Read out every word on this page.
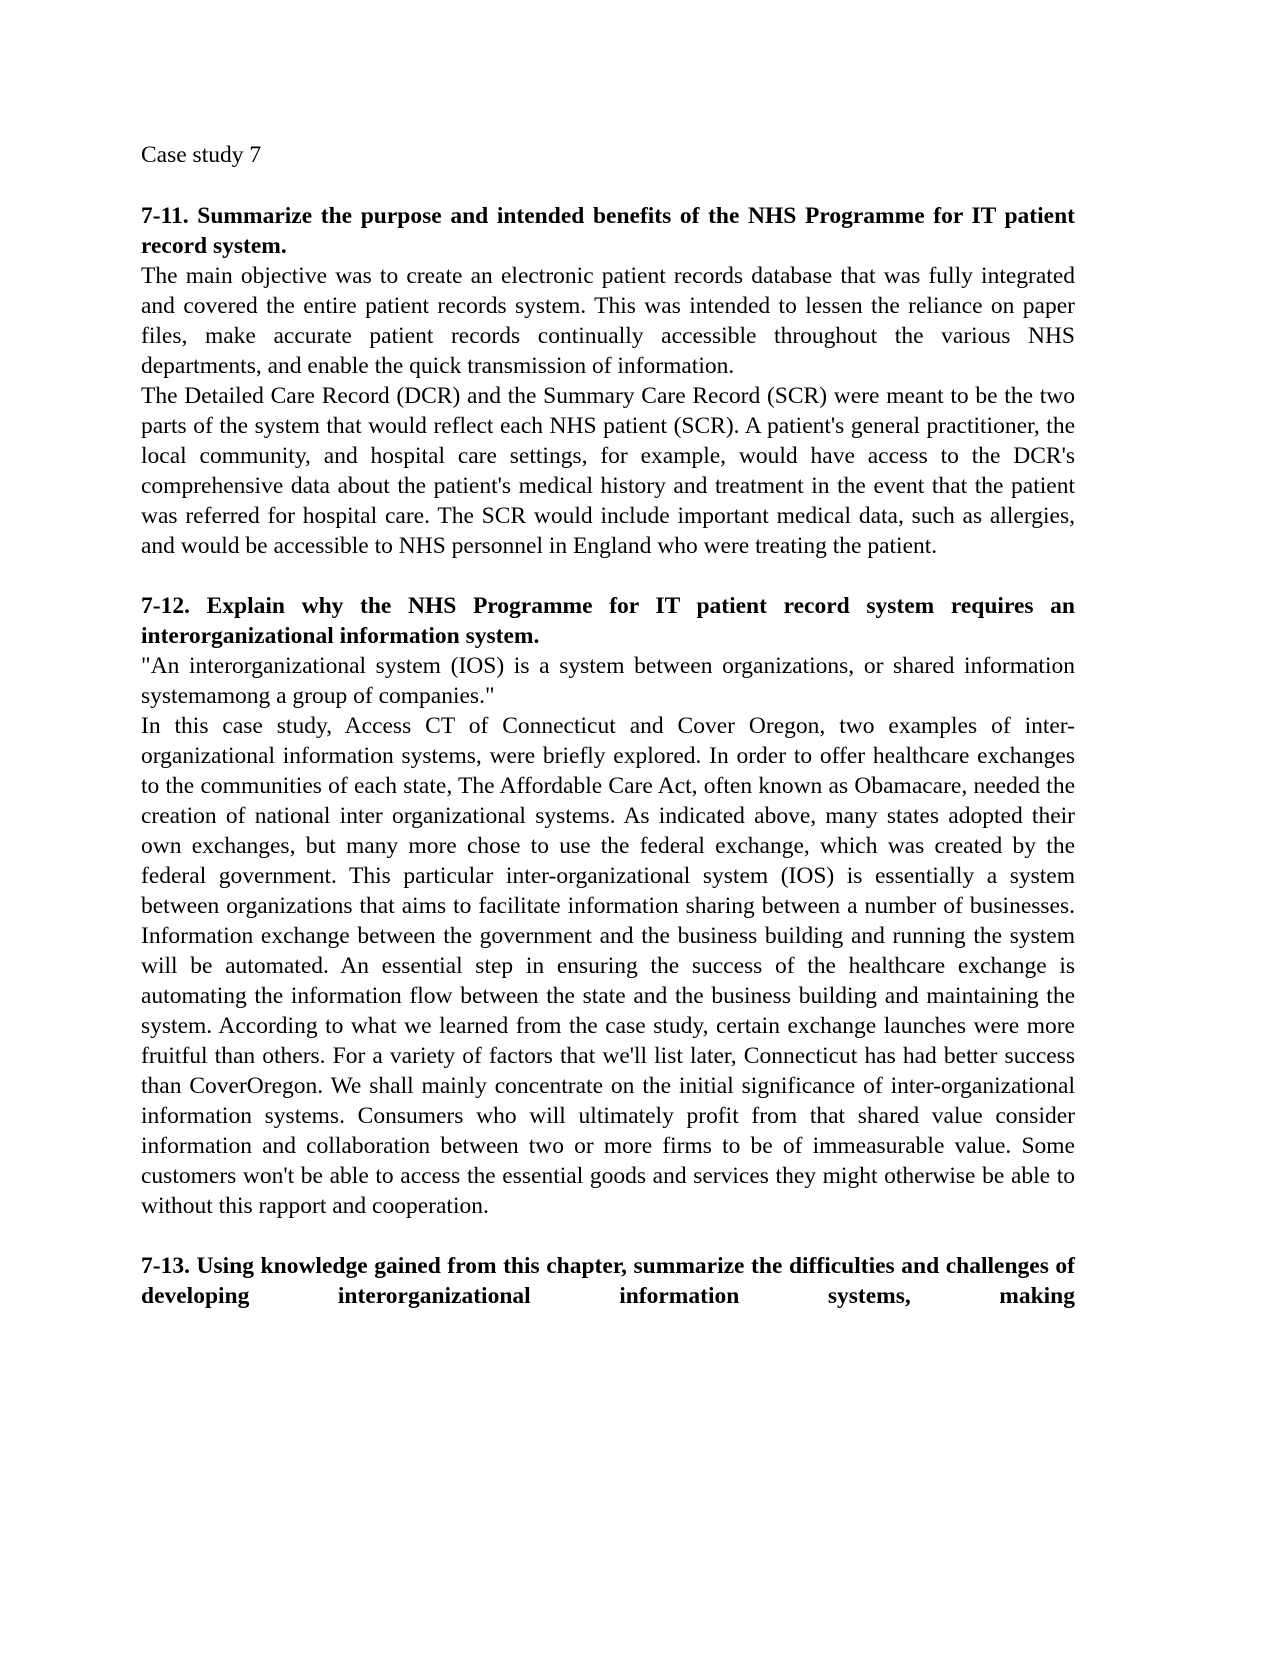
Case study 7

7-11. Summarize the purpose and intended benefits of the NHS Programme for IT patient record system.

The main objective was to create an electronic patient records database that was fully integrated and covered the entire patient records system. This was intended to lessen the reliance on paper files, make accurate patient records continually accessible throughout the various NHS departments, and enable the quick transmission of information.

The Detailed Care Record (DCR) and the Summary Care Record (SCR) were meant to be the two parts of the system that would reflect each NHS patient (SCR). A patient's general practitioner, the local community, and hospital care settings, for example, would have access to the DCR's comprehensive data about the patient's medical history and treatment in the event that the patient was referred for hospital care. The SCR would include important medical data, such as allergies, and would be accessible to NHS personnel in England who were treating the patient.

7-12. Explain why the NHS Programme for IT patient record system requires an interorganizational information system.

"An interorganizational system (IOS) is a system between organizations, or shared information systemamong a group of companies."

In this case study, Access CT of Connecticut and Cover Oregon, two examples of inter-organizational information systems, were briefly explored. In order to offer healthcare exchanges to the communities of each state, The Affordable Care Act, often known as Obamacare, needed the creation of national inter organizational systems. As indicated above, many states adopted their own exchanges, but many more chose to use the federal exchange, which was created by the federal government. This particular inter-organizational system (IOS) is essentially a system between organizations that aims to facilitate information sharing between a number of businesses. Information exchange between the government and the business building and running the system will be automated. An essential step in ensuring the success of the healthcare exchange is automating the information flow between the state and the business building and maintaining the system. According to what we learned from the case study, certain exchange launches were more fruitful than others. For a variety of factors that we'll list later, Connecticut has had better success than CoverOregon. We shall mainly concentrate on the initial significance of inter-organizational information systems. Consumers who will ultimately profit from that shared value consider information and collaboration between two or more firms to be of immeasurable value. Some customers won't be able to access the essential goods and services they might otherwise be able to without this rapport and cooperation.

7-13. Using knowledge gained from this chapter, summarize the difficulties and challenges of developing interorganizational information systems, making
